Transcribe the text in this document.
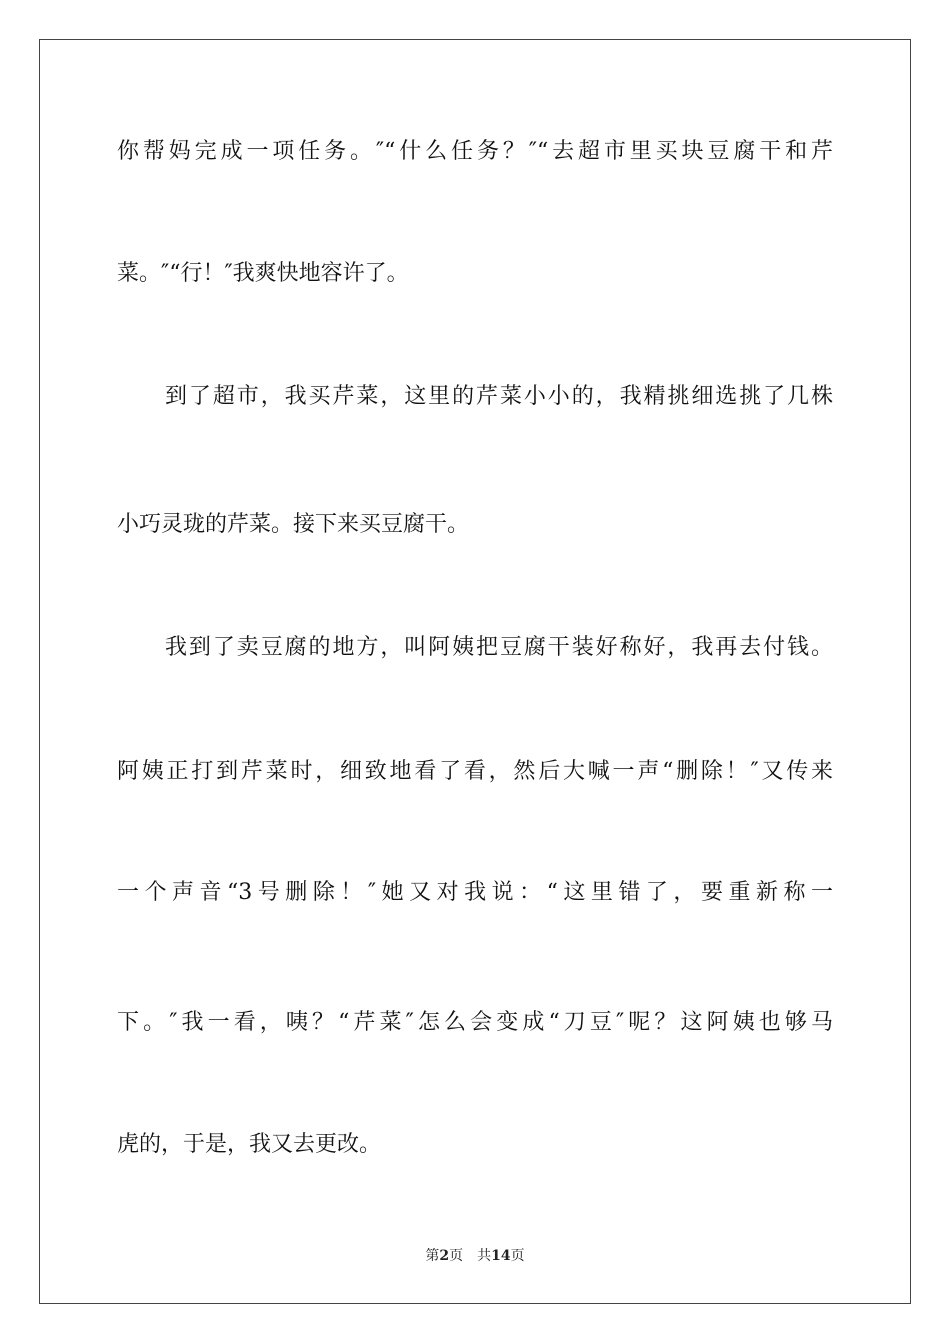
你帮妈完成一项任务。″“什么任务？″“去超市里买块豆腐干和芹
菜。″“行！″我爽快地容许了。
到了超市，我买芹菜，这里的芹菜小小的，我精挑细选挑了几株
小巧灵珑的芹菜。接下来买豆腐干。
我到了卖豆腐的地方，叫阿姨把豆腐干装好称好，我再去付钱。
阿姨正打到芹菜时，细致地看了看，然后大喊一声“删除！″又传来
一个声音“3号删除！″她又对我说：“这里错了，要重新称一
下。″我一看，咦？“芹菜″怎么会变成“刀豆″呢？这阿姨也够马
虎的，于是，我又去更改。
第2页 共14页
